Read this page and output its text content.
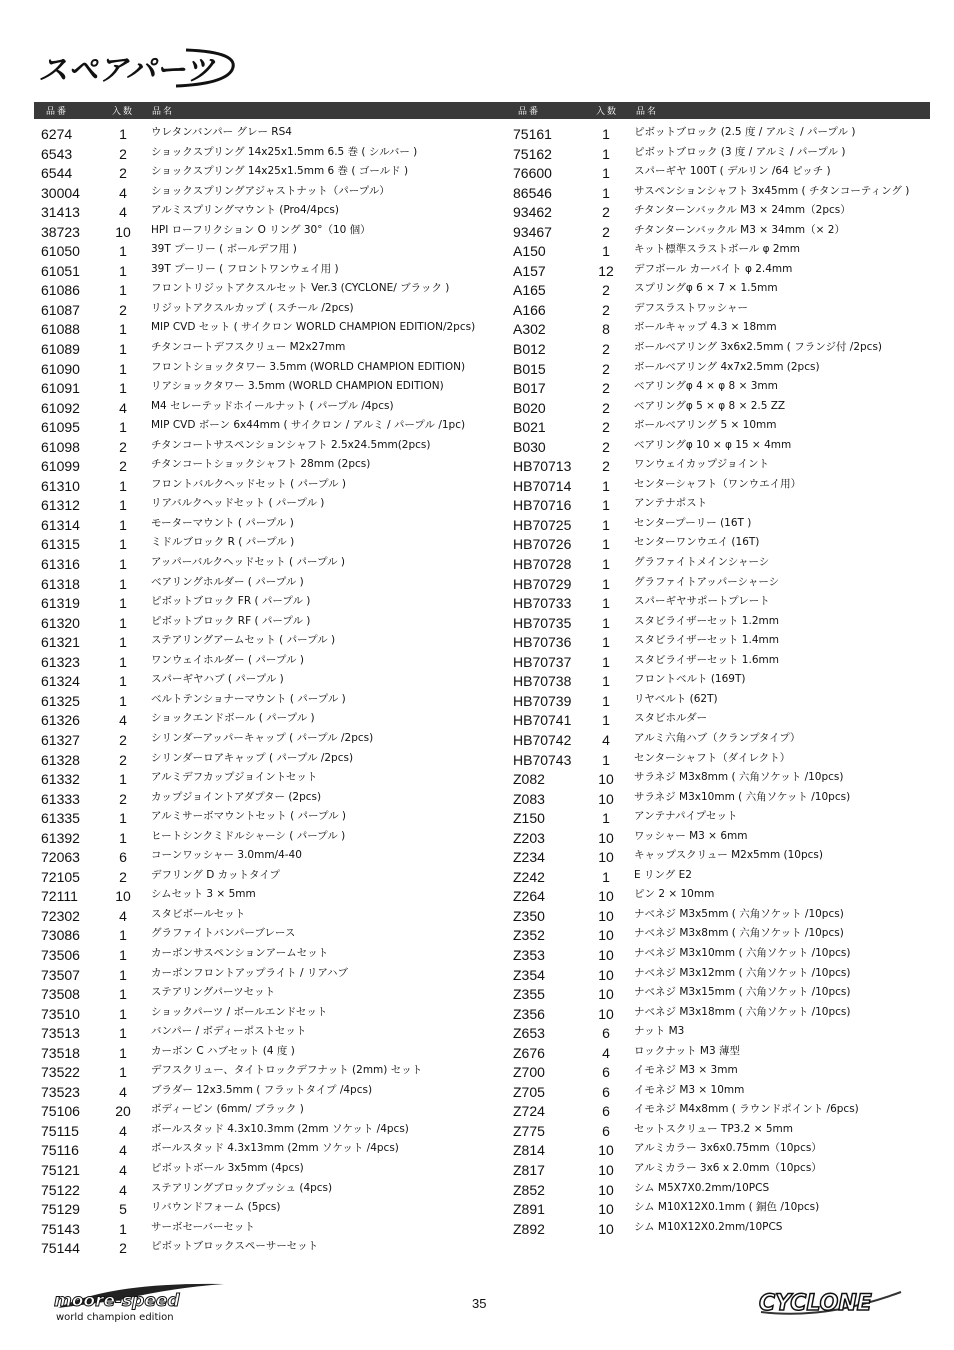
スペアパーツ
品番	入数 品名	品番	入数 品名
6274	1	ウレタンバンパー グレー RS4
6543	2	ショックスプリング 14x25x1.5mm 6.5 巻 ( シルバー )
6544	2	ショックスプリング 14x25x1.5mm 6 巻 ( ゴールド )
30004	4	ショックスプリングアジャストナット（パープル）
31413	4	アルミスプリングマウント (Pro4/4pcs)
38723	10	HPI ローフリクション O リング 30°（10 個）
61050	1	39T プーリー ( ボールデフ用 )
61051	1	39T プーリー ( フロントワンウェイ用 )
61086	1	フロントリジットアクスルセット Ver.3 (CYCLONE/ ブラック )
61087	2	リジットアクスルカップ ( スチール /2pcs)
61088	1	MIP CVD セット ( サイクロン WORLD CHAMPION EDITION/2pcs)
61089	1	チタンコートデフスクリュー M2x27mm
61090	1	フロントショックタワー 3.5mm (WORLD CHAMPION EDITION)
61091	1	リアショックタワー 3.5mm (WORLD CHAMPION EDITION)
61092	4	M4 セレーテッドホイールナット ( パープル /4pcs)
61095	1	MIP CVD ボーン 6x44mm ( サイクロン / アルミ / パープル /1pc)
61098	2	チタンコートサスペンションシャフト 2.5x24.5mm(2pcs)
61099	2	チタンコートショックシャフト 28mm (2pcs)
61310	1	フロントバルクヘッドセット ( パープル )
61312	1	リアバルクヘッドセット ( パープル )
61314	1	モーターマウント ( パープル )
61315	1	ミドルブロック R ( パープル )
61316	1	アッパーバルクヘッドセット ( パープル )
61318	1	ベアリングホルダー ( パープル )
61319	1	ピボットブロック FR ( パープル )
61320	1	ピボットブロック RF ( パープル )
61321	1	ステアリングアームセット ( パープル )
61323	1	ワンウェイホルダー ( パープル )
61324	1	スパーギヤハブ ( パープル )
61325	1	ベルトテンショナーマウント ( パープル )
61326	4	ショックエンドボール ( パープル )
61327	2	シリンダーアッパーキャップ ( パープル /2pcs)
61328	2	シリンダーロアキャップ ( パープル /2pcs)
61332	1	アルミデフカップジョイントセット
61333	2	カップジョイントアダプター (2pcs)
61335	1	アルミサーボマウントセット ( パープル )
61392	1	ヒートシンクミドルシャーシ ( パープル )
72063	6	コーンワッシャー 3.0mm/4-40
72105	2	デフリング D カットタイプ
72111	10	シムセット 3 × 5mm
72302	4	スタビボールセット
73086	1	グラファイトバンパーブレース
73506	1	カーボンサスペンションアームセット
73507	1	カーボンフロントアップライト / リアハブ
73508	1	ステアリングパーツセット
73510	1	ショックパーツ / ボールエンドセット
73513	1	バンパー / ボディーポストセット
73518	1	カーボン C ハブセット (4 度 )
73522	1	デフスクリュー、タイトロックデフナット (2mm) セット
73523	4	ブラダー 12x3.5mm ( フラットタイプ /4pcs)
75106	20	ボディーピン (6mm/ ブラック )
75115	4	ボールスタッド 4.3x10.3mm (2mm ソケット /4pcs)
75116	4	ボールスタッド 4.3x13mm (2mm ソケット /4pcs)
75121	4	ピボットボール 3x5mm (4pcs)
75122	4	ステアリングブロックブッシュ (4pcs)
75129	5	リバウンドフォーム (5pcs)
75143	1	サーボセーバーセット
75144	2	ピボットブロックスペーサーセット
75161	1	ピボットブロック (2.5 度 / アルミ / パープル )
75162	1	ピボットブロック (3 度 / アルミ / パープル )
76600	1	スパーギヤ 100T ( デルリン /64 ピッチ )
86546	1	サスペンションシャフト 3x45mm ( チタンコーティング )
93462	2	チタンターンバックル M3 × 24mm（2pcs）
93467	2	チタンターンバックル M3 × 34mm（× 2）
A150	1	キット標準スラストボール φ 2mm
A157	12	デフボール カーバイト φ 2.4mm
A165	2	スプリングφ 6 × 7 × 1.5mm
A166	2	デフスラストワッシャー
A302	8	ボールキャップ 4.3 × 18mm
B012	2	ボールベアリング 3x6x2.5mm ( フランジ付 /2pcs)
B015	2	ボールベアリング 4x7x2.5mm (2pcs)
B017	2	ベアリングφ 4 × φ 8 × 3mm
B020	2	ベアリングφ 5 × φ 8 × 2.5 ZZ
B021	2	ボールベアリング 5 × 10mm
B030	2	ベアリングφ 10 × φ 15 × 4mm
HB70713	2	ワンウェイカップジョイント
HB70714	1	センターシャフト（ワンウエイ用）
HB70716	1	アンテナポスト
HB70725	1	センタープーリー (16T )
HB70726	1	センターワンウエイ (16T)
HB70728	1	グラファイトメインシャーシ
HB70729	1	グラファイトアッパーシャーシ
HB70733	1	スパーギヤサポートプレート
HB70735	1	スタビライザーセット 1.2mm
HB70736	1	スタビライザーセット 1.4mm
HB70737	1	スタビライザーセット 1.6mm
HB70738	1	フロントベルト (169T)
HB70739	1	リヤベルト (62T)
HB70741	1	スタビホルダー
HB70742	4	アルミ六角ハブ（クランプタイプ）
HB70743	1	センターシャフト（ダイレクト）
Z082	10	サラネジ M3x8mm ( 六角ソケット /10pcs)
Z083	10	サラネジ M3x10mm ( 六角ソケット /10pcs)
Z150	1	アンテナパイプセット
Z203	10	ワッシャー M3 × 6mm
Z234	10	キャップスクリュー M2x5mm (10pcs)
Z242	1	E リング E2
Z264	10	ピン 2 × 10mm
Z350	10	ナベネジ M3x5mm ( 六角ソケット /10pcs)
Z352	10	ナベネジ M3x8mm ( 六角ソケット /10pcs)
Z353	10	ナベネジ M3x10mm ( 六角ソケット /10pcs)
Z354	10	ナベネジ M3x12mm ( 六角ソケット /10pcs)
Z355	10	ナベネジ M3x15mm ( 六角ソケット /10pcs)
Z356	10	ナベネジ M3x18mm ( 六角ソケット /10pcs)
Z653	6	ナット M3
Z676	4	ロックナット M3 薄型
Z700	6	イモネジ M3 × 3mm
Z705	6	イモネジ M3 × 10mm
Z724	6	イモネジ M4x8mm ( ラウンドポイント /6pcs)
Z775	6	セットスクリュー TP3.2 × 5mm
Z814	10	アルミカラー 3x6x0.75mm（10pcs）
Z817	10	アルミカラー 3x6 x 2.0mm（10pcs）
Z852	10	シム M5X7X0.2mm/10PCS
Z891	10	シム M10X12X0.1mm ( 銅色 /10pcs)
Z892	10	シム M10X12X0.2mm/10PCS
moore-speed
world champion edition
35	CYCLONE
